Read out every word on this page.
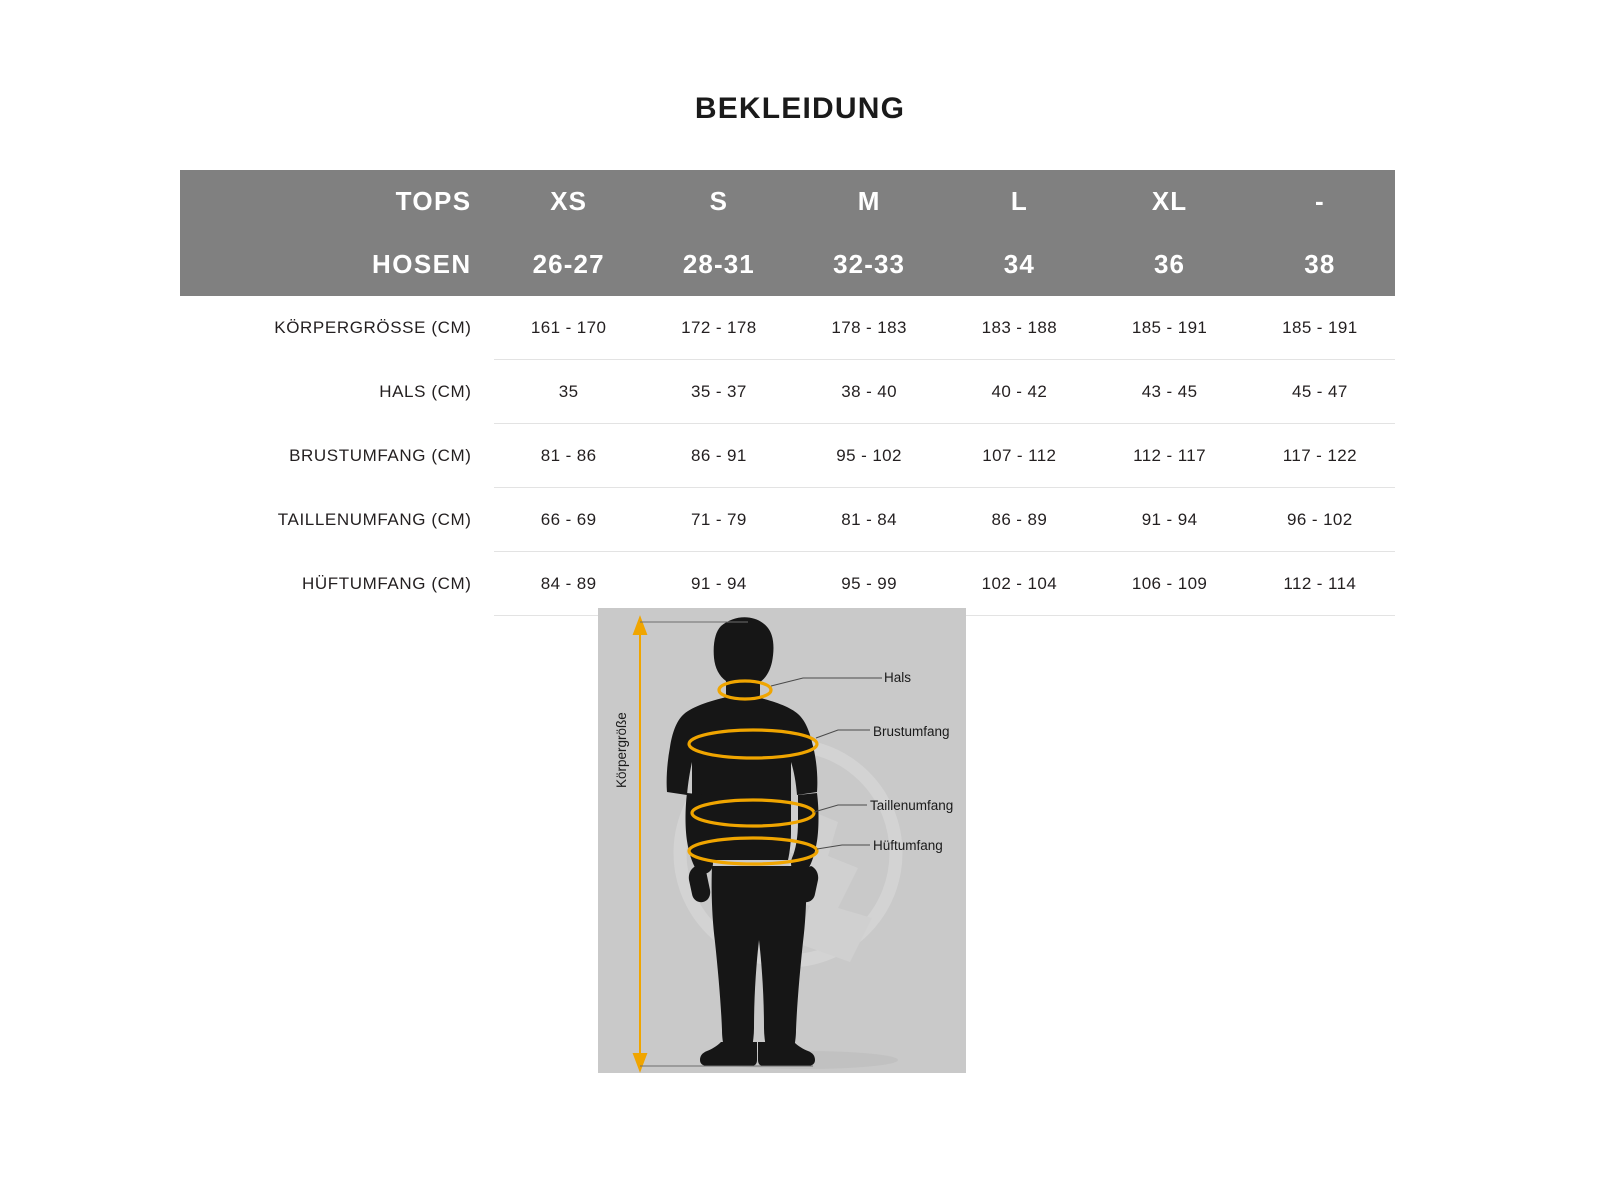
BEKLEIDUNG
TOPS	XS	S	M	L	XL	-
HOSEN	26-27	28-31	32-33	34	36	38
KÖRPERGRÖSSE (CM)	161 - 170	172 - 178	178 - 183	183 - 188	185 - 191	185 - 191
HALS (CM)	35	35 - 37	38 - 40	40 - 42	43 - 45	45 - 47
BRUSTUMFANG (CM)	81 - 86	86 - 91	95 - 102	107 - 112	112 - 117	117 - 122
TAILLENUMFANG (CM)	66 - 69	71 - 79	81 - 84	86 - 89	91 - 94	96 - 102
HÜFTUMFANG (CM)	84 - 89	91 - 94	95 - 99	102 - 104	106 - 109	112 - 114
Hals
Brustumfang
Taillenumfang
Hüftumfang
Körpergröße
